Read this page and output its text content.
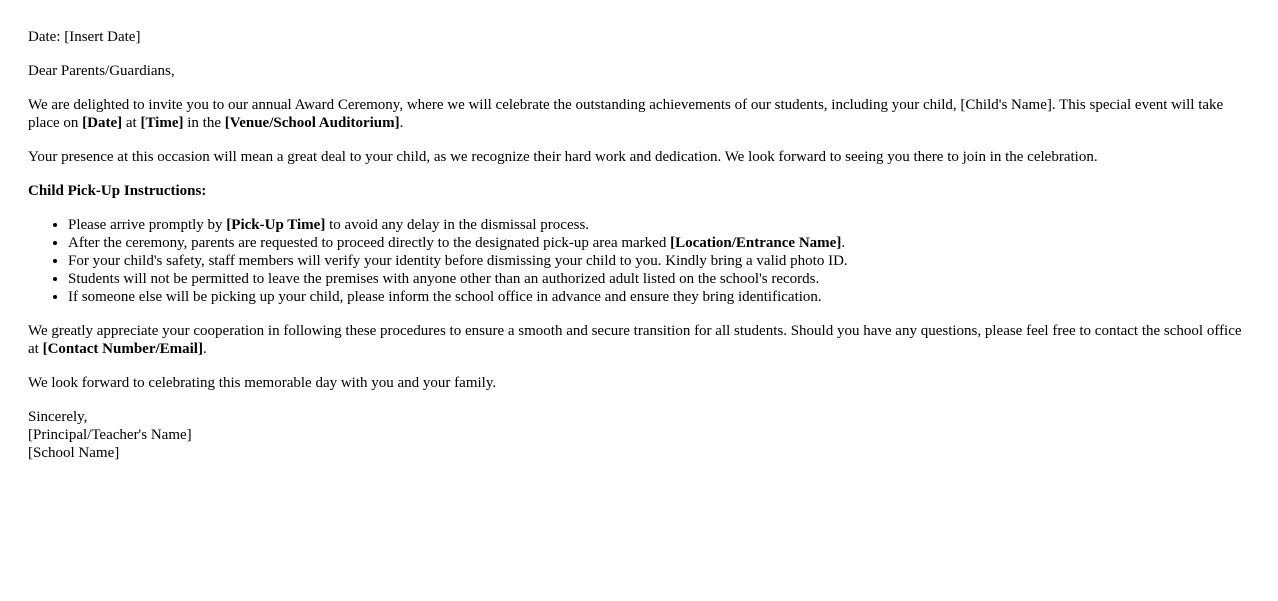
Date: [Insert Date]

Dear Parents/Guardians,

We are delighted to invite you to our annual Award Ceremony, where we will celebrate the outstanding achievements of our students, including your child, [Child's Name]. This special event will take place on [Date] at [Time] in the [Venue/School Auditorium].

Your presence at this occasion will mean a great deal to your child, as we recognize their hard work and dedication. We look forward to seeing you there to join in the celebration.

Child Pick-Up Instructions:

• Please arrive promptly by [Pick-Up Time] to avoid any delay in the dismissal process.
• After the ceremony, parents are requested to proceed directly to the designated pick-up area marked [Location/Entrance Name].
• For your child's safety, staff members will verify your identity before dismissing your child to you. Kindly bring a valid photo ID.
• Students will not be permitted to leave the premises with anyone other than an authorized adult listed on the school's records.
• If someone else will be picking up your child, please inform the school office in advance and ensure they bring identification.

We greatly appreciate your cooperation in following these procedures to ensure a smooth and secure transition for all students. Should you have any questions, please feel free to contact the school office at [Contact Number/Email].

We look forward to celebrating this memorable day with you and your family.

Sincerely,
[Principal/Teacher's Name]
[School Name]
